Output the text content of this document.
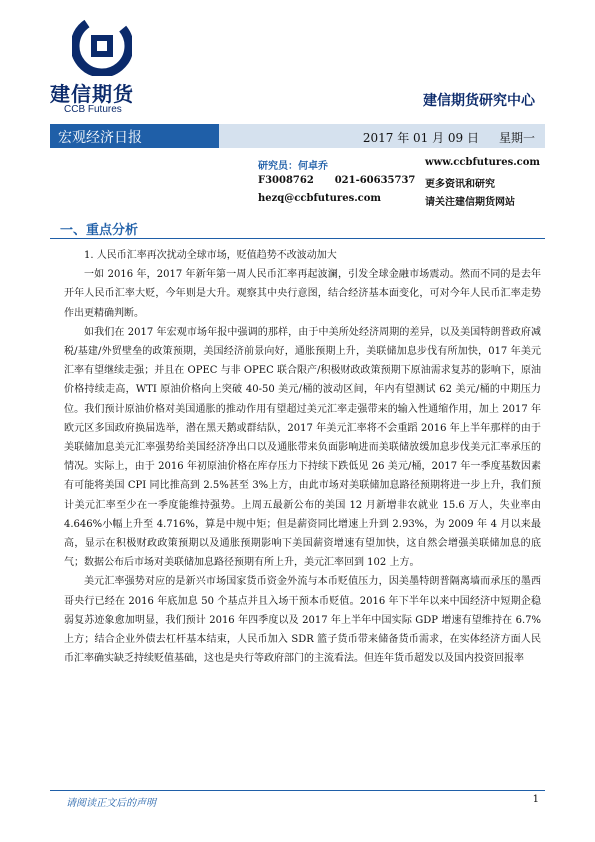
建信期货
CCB Futures
建信期货研究中心
宏观经济日报	2017 年 01 月 09 日 星期一
研究员：何卓乔
F3008762      021-60635737
hezq@ccbfutures.com
www.ccbfutures.com
更多资讯和研究
请关注建信期货网站
一、重点分析

1. 人民币汇率再次扰动全球市场，贬值趋势不改波动加大

一如 2016 年，2017 年新年第一周人民币汇率再起波澜，引发全球金融市场震动。然而不同的是去年开年人民币汇率大贬，今年则是大升。观察其中央行意图，结合经济基本面变化，可对今年人民币汇率走势作出更精确判断。

如我们在 2017 年宏观市场年报中强调的那样，由于中美所处经济周期的差异，以及美国特朗普政府减税/基建/外贸壁垒的政策预期，美国经济前景向好，通胀预期上升，美联储加息步伐有所加快，017 年美元汇率有望继续走强；并且在 OPEC 与非 OPEC 联合限产/积极财政政策预期下原油需求复苏的影响下，原油价格持续走高，WTI 原油价格向上突破 40-50 美元/桶的波动区间，年内有望测试 62 美元/桶的中期压力位。我们预计原油价格对美国通胀的推动作用有望超过美元汇率走强带来的输入性通缩作用，加上 2017 年欧元区多国政府换届选举，潜在黑天鹅或群结队，2017 年美元汇率将不会重蹈 2016 年上半年那样的由于美联储加息美元汇率强势给美国经济净出口以及通胀带来负面影响进而美联储放缓加息步伐美元汇率承压的情况。实际上，由于 2016 年初原油价格在库存压力下持续下跌低见 26 美元/桶，2017 年一季度基数因素有可能将美国 CPI 同比推高到 2.5%甚至 3%上方，由此市场对美联储加息路径预期将进一步上升，我们预计美元汇率至少在一季度能维持强势。上周五最新公布的美国 12 月新增非农就业 15.6 万人，失业率由 4.646%小幅上升至 4.716%，算是中规中矩；但是薪资同比增速上升到 2.93%，为 2009 年 4 月以来最高，显示在积极财政政策预期以及通胀预期影响下美国薪资增速有望加快，这自然会增强美联储加息的底气；数据公布后市场对美联储加息路径预期有所上升，美元汇率回到 102 上方。

美元汇率强势对应的是新兴市场国家货币资金外流与本币贬值压力，因美墨特朗普隔离墙而承压的墨西哥央行已经在 2016 年底加息 50 个基点并且入场干预本币贬值。2016 年下半年以来中国经济中短期企稳弱复苏迹象愈加明显，我们预计 2016 年四季度以及 2017 年上半年中国实际 GDP 增速有望维持在 6.7%上方；结合企业外债去杠杆基本结束，人民币加入 SDR 篮子货币带来储备货币需求，在实体经济方面人民币汇率确实缺乏持续贬值基础，这也是央行等政府部门的主流看法。但连年货币超发以及国内投资回报率

请阅读正文后的声明	1
